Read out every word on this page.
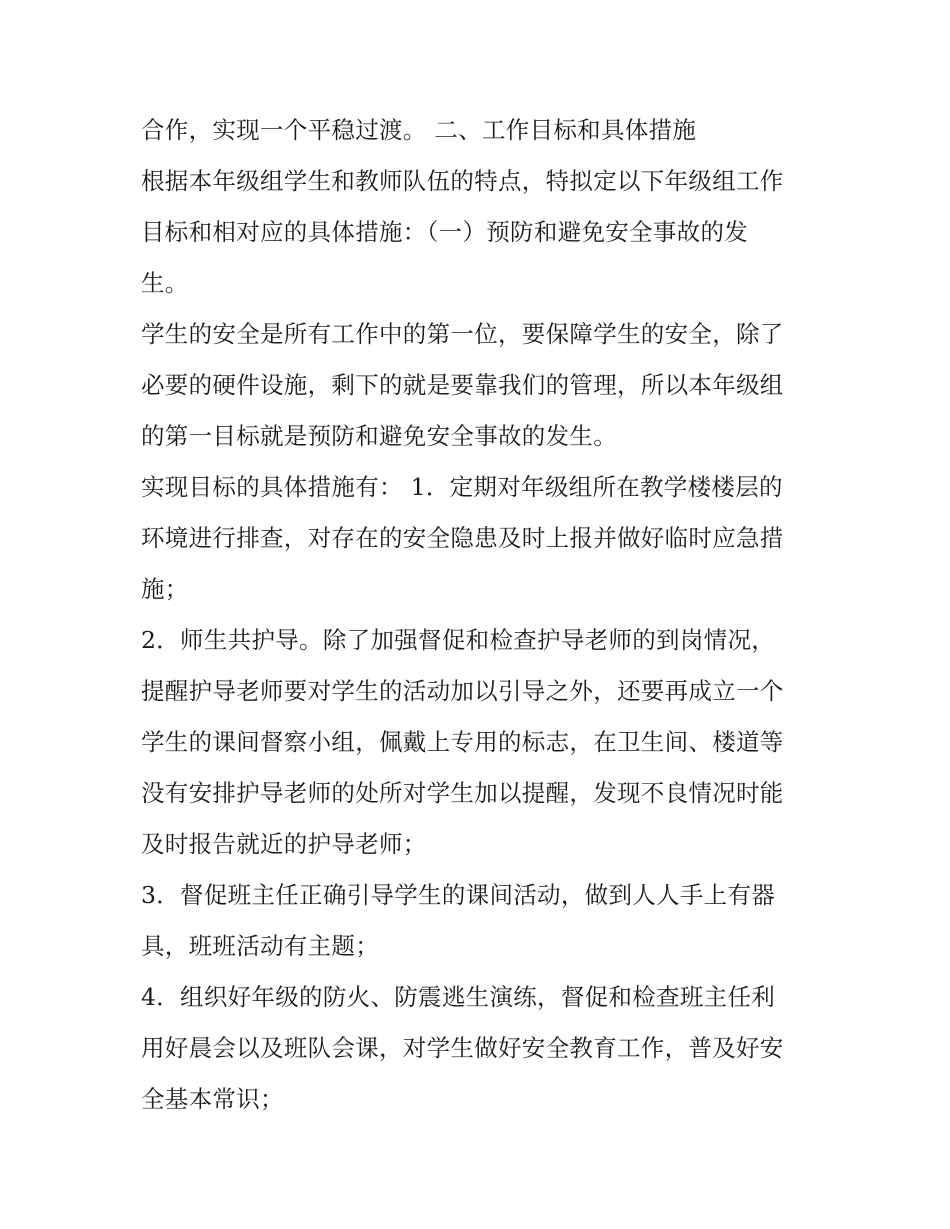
合作，实现一个平稳过渡。 二、工作目标和具体措施
根据本年级组学生和教师队伍的特点，特拟定以下年级组工作
目标和相对应的具体措施：（一）预防和避免安全事故的发
生。
学生的安全是所有工作中的第一位，要保障学生的安全，除了
必要的硬件设施，剩下的就是要靠我们的管理，所以本年级组
的第一目标就是预防和避免安全事故的发生。
实现目标的具体措施有： 1．定期对年级组所在教学楼楼层的
环境进行排查，对存在的安全隐患及时上报并做好临时应急措
施；
2．师生共护导。除了加强督促和检查护导老师的到岗情况，
提醒护导老师要对学生的活动加以引导之外，还要再成立一个
学生的课间督察小组，佩戴上专用的标志，在卫生间、楼道等
没有安排护导老师的处所对学生加以提醒，发现不良情况时能
及时报告就近的护导老师；
3．督促班主任正确引导学生的课间活动，做到人人手上有器
具，班班活动有主题；
4．组织好年级的防火、防震逃生演练，督促和检查班主任利
用好晨会以及班队会课，对学生做好安全教育工作，普及好安
全基本常识；
